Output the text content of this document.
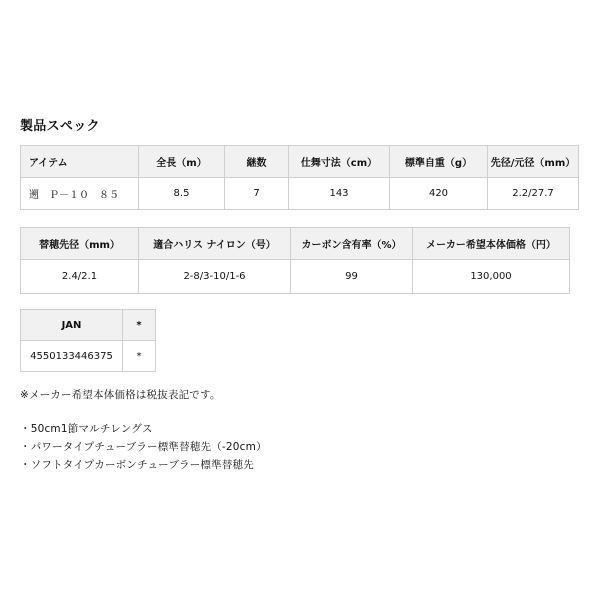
製品スペック
アイテム	全長（m）	継数	仕舞寸法（cm）	標準自重（g）	先径/元径（mm）
遡　Ｐ－１０　８５	8.5	7	143	420	2.2/27.7
替穂先径（mm）	適合ハリス ナイロン（号）	カーボン含有率（%）	メーカー希望本体価格（円）
2.4/2.1	2-8/3-10/1-6	99	130,000
JAN	*
4550133446375	*
※メーカー希望本体価格は税抜表記です。
・50cm1節マルチレングス
・パワータイプチューブラー標準替穂先（-20cm）
・ソフトタイプカーボンチューブラー標準替穂先
